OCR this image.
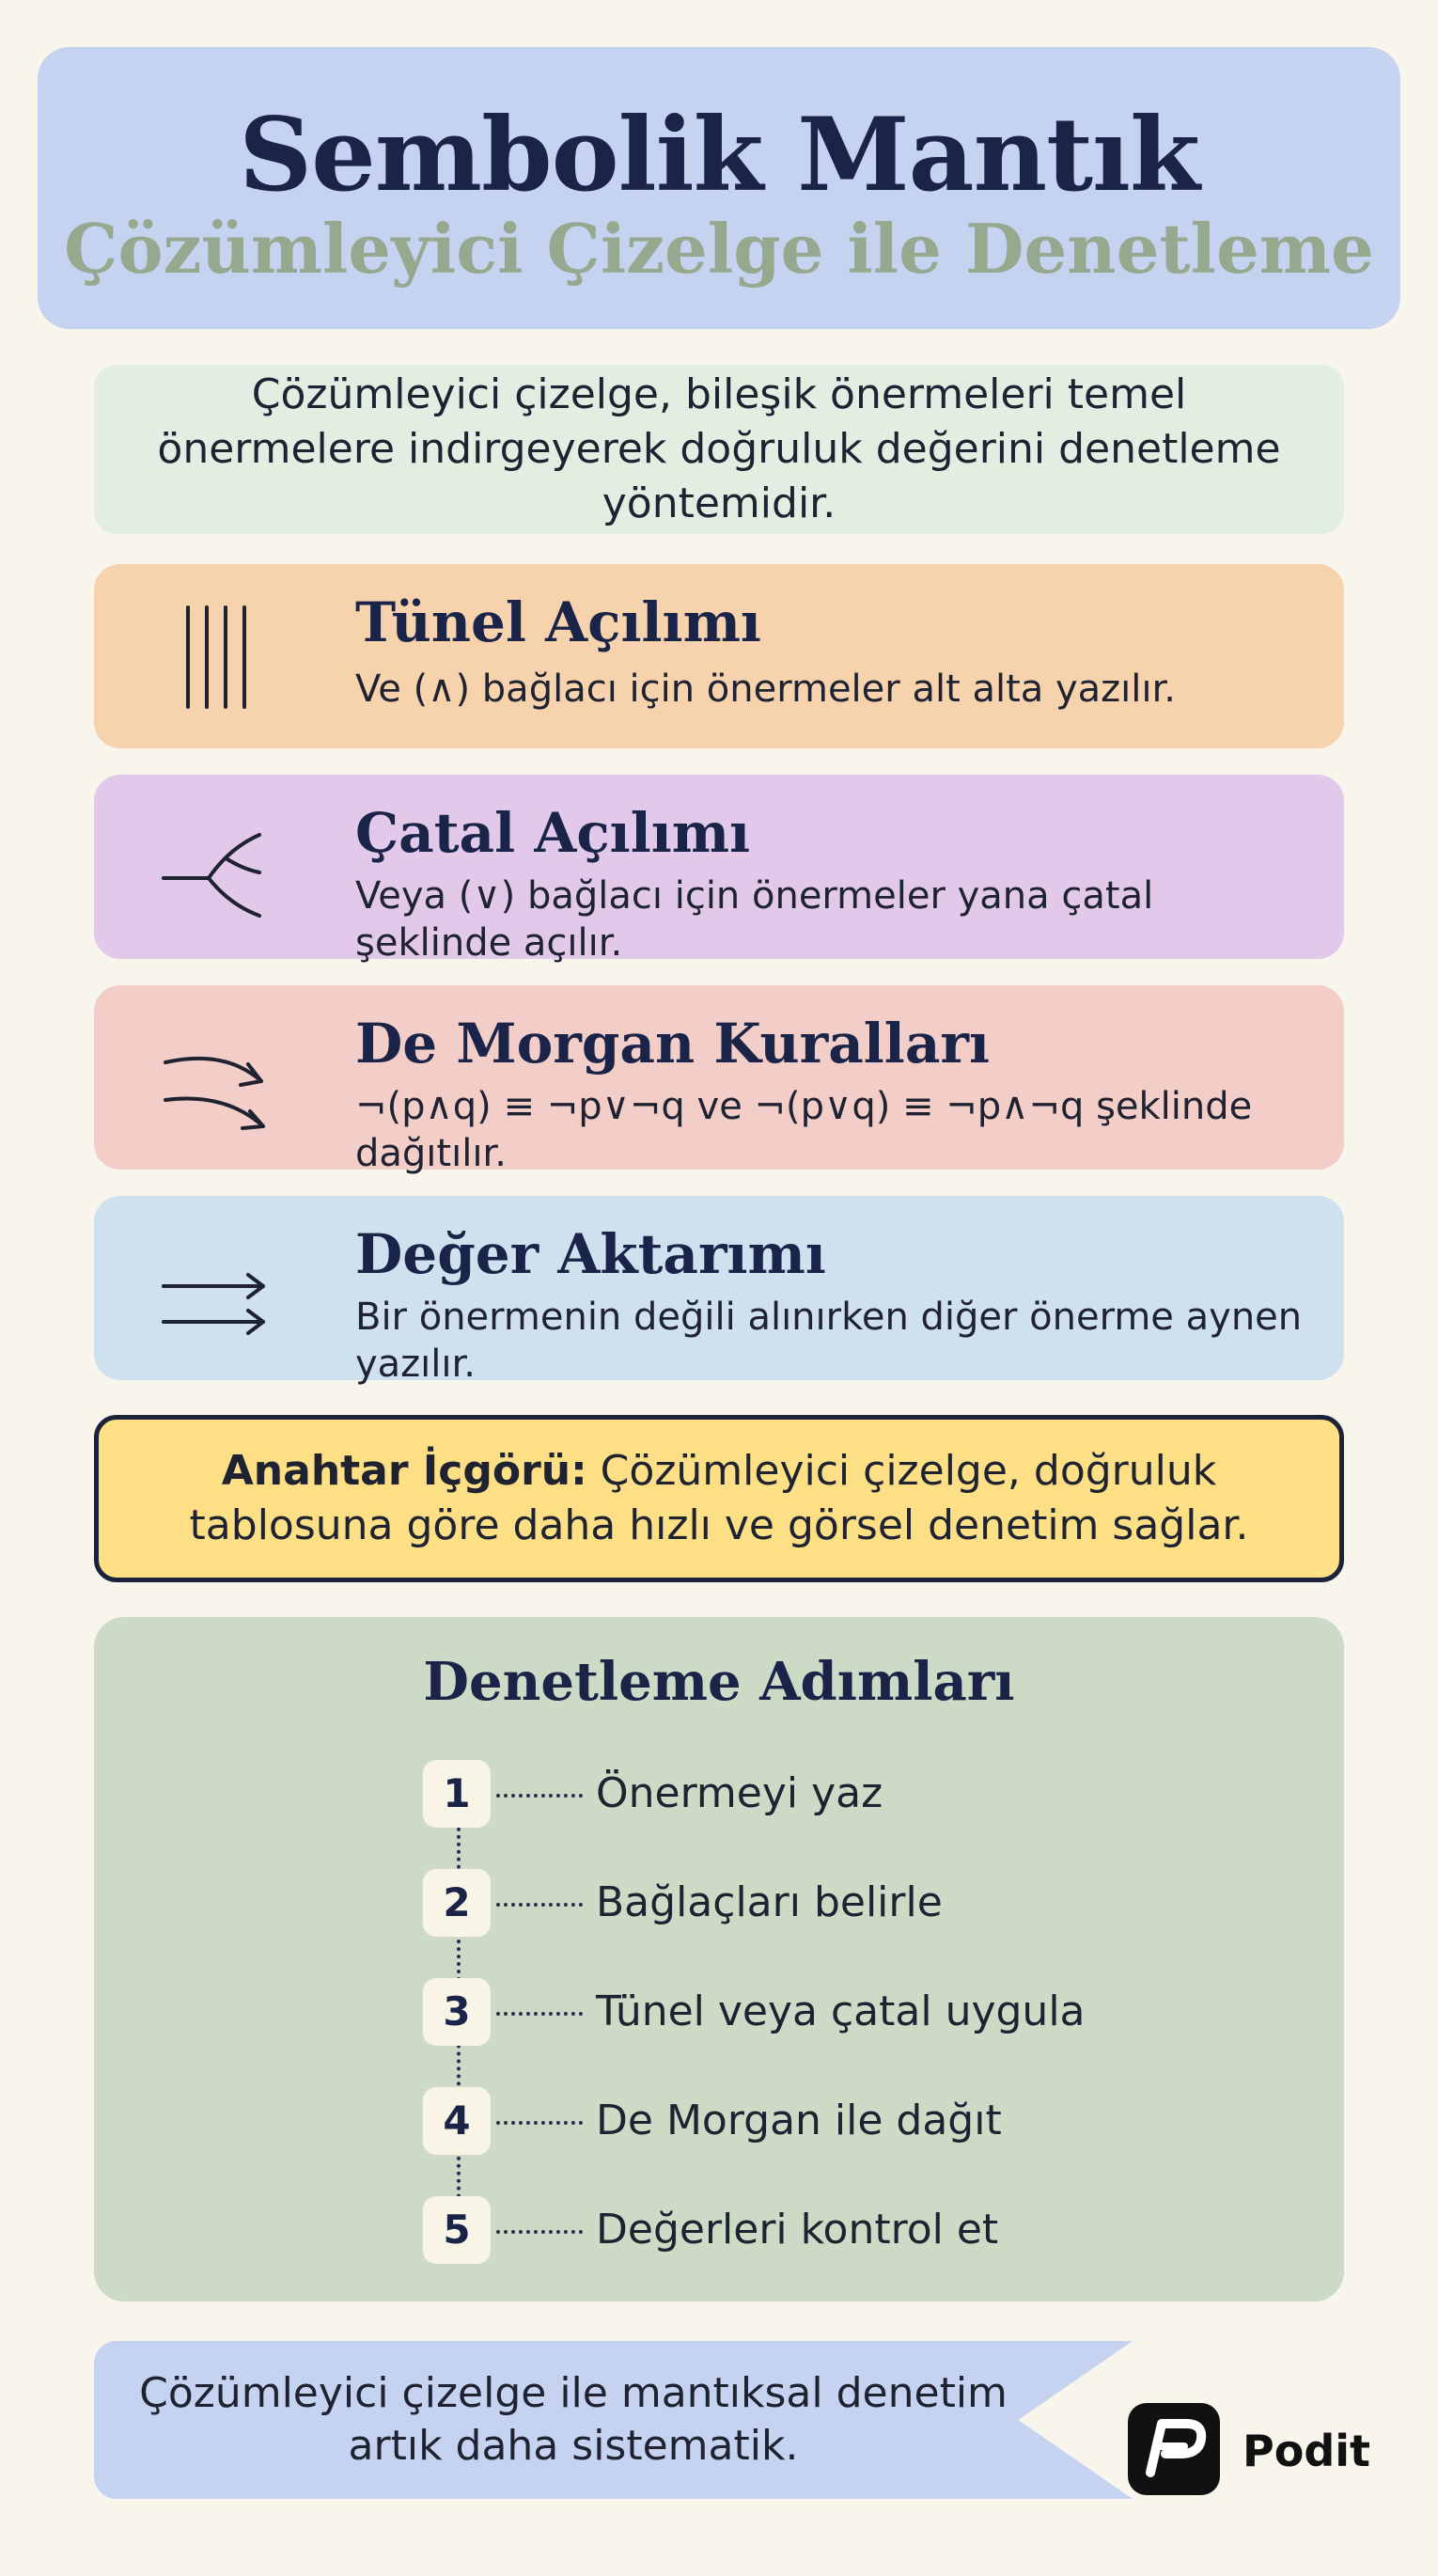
Sembolik Mantık
Çözümleyici Çizelge ile Denetleme
Çözümleyici çizelge, bileşik önermeleri temel önermelere indirgeyerek doğruluk değerini denetleme yöntemidir.
Tünel Açılımı
Ve (∧) bağlacı için önermeler alt alta yazılır.
Çatal Açılımı
Veya (∨) bağlacı için önermeler yana çatal şeklinde açılır.
De Morgan Kuralları
¬(p∧q) ≡ ¬p∨¬q ve ¬(p∨q) ≡ ¬p∧¬q şeklinde dağıtılır.
Değer Aktarımı
Bir önermenin değili alınırken diğer önerme aynen yazılır.
Anahtar İçgörü: Çözümleyici çizelge, doğruluk tablosuna göre daha hızlı ve görsel denetim sağlar.
Denetleme Adımları
1	Önermeyi yaz
2	Bağlaçları belirle
3	Tünel veya çatal uygula
4	De Morgan ile dağıt
5	Değerleri kontrol et
Çözümleyici çizelge ile mantıksal denetim artık daha sistematik.	Podit
